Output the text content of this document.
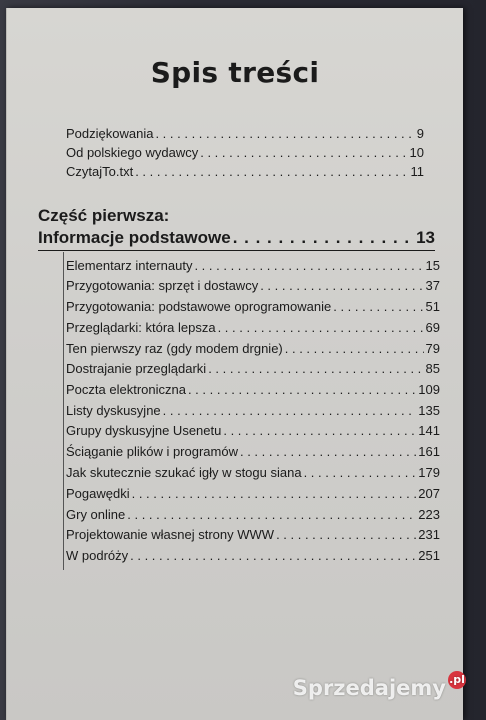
Spis treści
Podziękowania . . .	9
Od polskiego wydawcy . . .	10
CzytajTo.txt . . .	11
Część pierwsza:
Informacje podstawowe . . .	13
Elementarz internauty . . .	15
Przygotowania: sprzęt i dostawcy . . .	37
Przygotowania: podstawowe oprogramowanie . . .	51
Przeglądarki: która lepsza . . .	69
Ten pierwszy raz (gdy modem drgnie) . . .	79
Dostrajanie przeglądarki . . .	85
Poczta elektroniczna . . .	109
Listy dyskusyjne . . .	135
Grupy dyskusyjne Usenetu . . .	141
Ściąganie plików i programów . . .	161
Jak skutecznie szukać igły w stogu siana . . .	179
Pogawędki . . .	207
Gry online . . .	223
Projektowanie własnej strony WWW . . .	231
W podróży . . .	251
Sprzedajemy .pl
